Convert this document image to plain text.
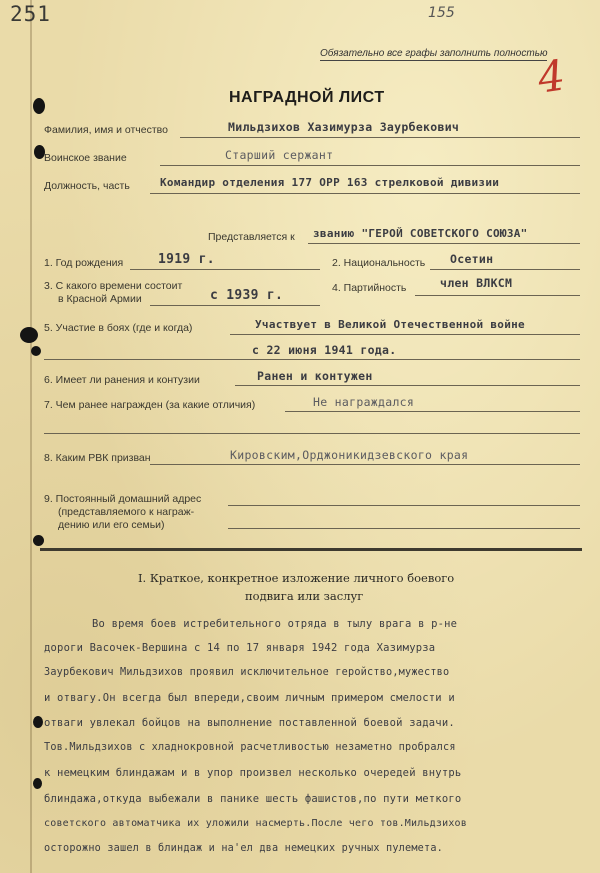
251	155
Обязательно все графы заполнить полностью
4
НАГРАДНОЙ ЛИСТ
Фамилия, имя и отчество	Мильдзихов Хазимурза Заурбекович
Воинское звание	Старший сержант
Должность, часть	Командир отделения 177 ОРР 163 стрелковой дивизии
Представляется к званию "ГЕРОЙ СОВЕТСКОГО СОЮЗА"
1. Год рождения	1919 г.	2. Национальность Осетин
3. С какого времени состоит
в Красной Армии	с 1939 г.	4. Партийность	член ВЛКСМ
5. Участие в боях (где и когда)	Участвует в Великой Отечественной войне
с 22 июня 1941 года.
6. Имеет ли ранения и контузии	Ранен и контужен
7. Чем ранее награжден (за какие отличия)	Не награждался
8. Каким РВК призван	Кировским,Орджоникидзевского края
9. Постоянный домашний адрес
(представляемого к награж-
дению или его семьи)
I. Краткое, конкретное изложение личного боевого
подвига или заслуг
Во время боев истребительного отряда в тылу врага в р-не
дороги Васочек-Вершина с 14 по 17 января 1942 года Хазимурза
Заурбекович Мильдзихов проявил исключительное геройство,мужество
и отвагу.Он всегда был впереди,своим личным примером смелости и
отваги увлекал бойцов на выполнение поставленной боевой задачи.
Тов.Мильдзихов с хладнокровной расчетливостью незаметно пробрался
к немецким блиндажам и в упор произвел несколько очередей внутрь
блиндажа,откуда выбежали в панике шесть фашистов,по пути меткого
советского автоматчика их уложили насмерть.После чего тов.Мильдзихов
осторожно зашел в блиндаж и на'ел два немецких ручных пулемета.
